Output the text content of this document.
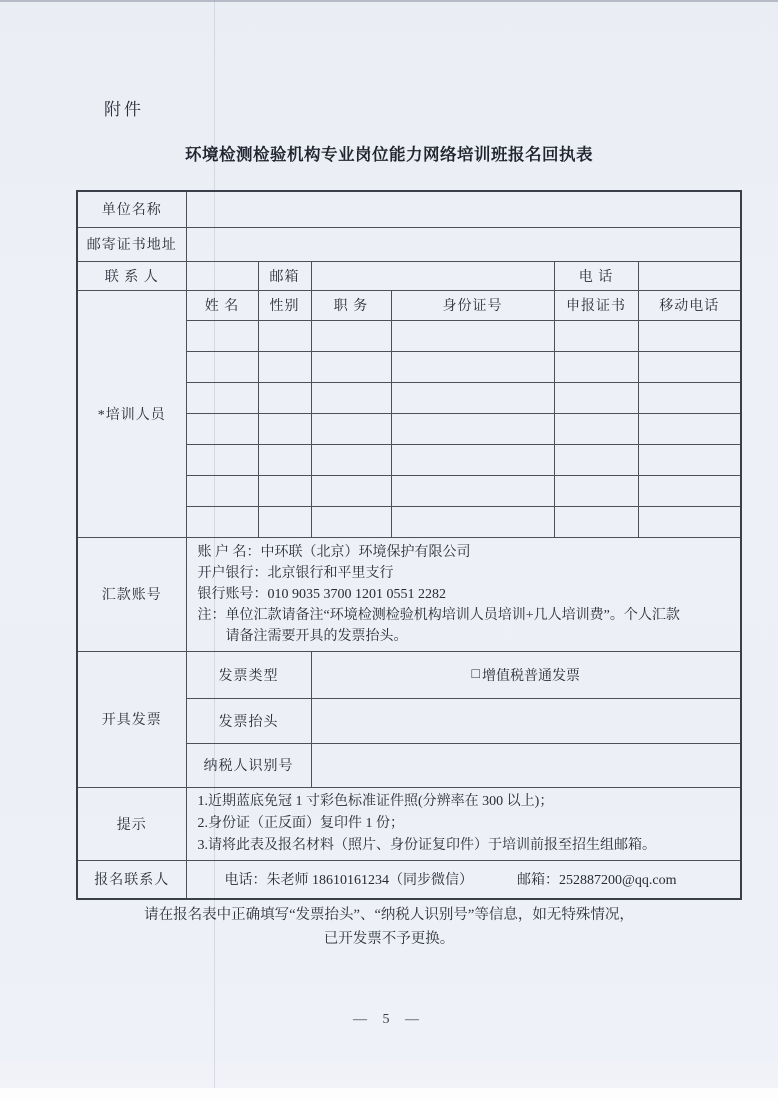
附件
环境检测检验机构专业岗位能力网络培训班报名回执表
单位名称						
邮寄证书地址						
联 系 人		邮箱			电 话	
*培训人员	姓 名	性别	职 务	身份证号	申报证书	移动电话

汇款账号	账 户 名：中环联（北京）环境保护有限公司
开户银行：北京银行和平里支行
银行账号：010 9035 3700 1201 0551 2282
注：单位汇款请备注“环境检测检验机构培训人员培训+几人培训费”。个人汇款
请备注需要开具的发票抬头。					

开具发票	发票类型		□ 增值税普通发票			

	发票抬头					
	纳税人识别号					
提示	1.近期蓝底免冠 1 寸彩色标准证件照(分辨率在 300 以上)；
2.身份证（正反面）复印件 1 份；
3.请将此表及报名材料（照片、身份证复印件）于培训前报至招生组邮箱。					

报名联系人	电话：朱老师 18610161234（同步微信） 邮箱：252887200@qq.com					
请在报名表中正确填写“发票抬头”、“纳税人识别号”等信息，如无特殊情况，
已开发票不予更换。
— 5 —
